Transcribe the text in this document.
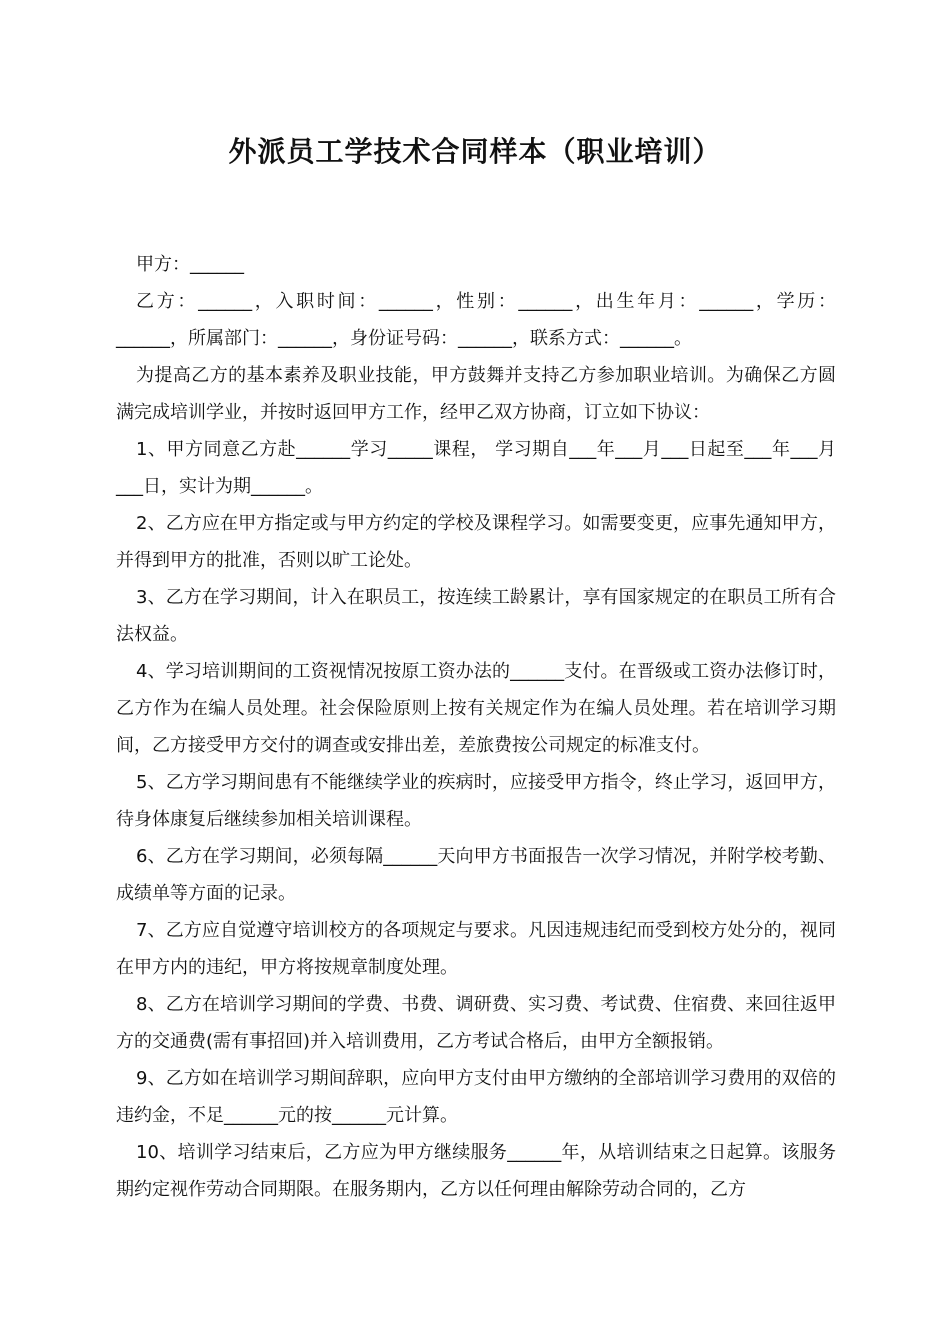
外派员工学技术合同样本（职业培训）

甲方：______

乙方：______，入职时间：______，性别：______，出生年月：______，学历：______，所属部门：______，身份证号码：______，联系方式：______。

为提高乙方的基本素养及职业技能，甲方鼓舞并支持乙方参加职业培训。为确保乙方圆满完成培训学业，并按时返回甲方工作，经甲乙双方协商，订立如下协议：

1、甲方同意乙方赴______学习_____课程， 学习期自___年___月___日起至___年___月___日，实计为期______。

2、乙方应在甲方指定或与甲方约定的学校及课程学习。如需要变更，应事先通知甲方，并得到甲方的批准，否则以旷工论处。

3、乙方在学习期间，计入在职员工，按连续工龄累计，享有国家规定的在职员工所有合法权益。

4、学习培训期间的工资视情况按原工资办法的______支付。在晋级或工资办法修订时，乙方作为在编人员处理。社会保险原则上按有关规定作为在编人员处理。若在培训学习期间，乙方接受甲方交付的调查或安排出差，差旅费按公司规定的标准支付。

5、乙方学习期间患有不能继续学业的疾病时，应接受甲方指令，终止学习，返回甲方，待身体康复后继续参加相关培训课程。

6、乙方在学习期间，必须每隔______天向甲方书面报告一次学习情况，并附学校考勤、成绩单等方面的记录。

7、乙方应自觉遵守培训校方的各项规定与要求。凡因违规违纪而受到校方处分的，视同在甲方内的违纪，甲方将按规章制度处理。

8、乙方在培训学习期间的学费、书费、调研费、实习费、考试费、住宿费、来回往返甲方的交通费(需有事招回)并入培训费用，乙方考试合格后，由甲方全额报销。

9、乙方如在培训学习期间辞职，应向甲方支付由甲方缴纳的全部培训学习费用的双倍的违约金，不足______元的按______元计算。

10、培训学习结束后，乙方应为甲方继续服务______年，从培训结束之日起算。该服务期约定视作劳动合同期限。在服务期内，乙方以任何理由解除劳动合同的，乙方
